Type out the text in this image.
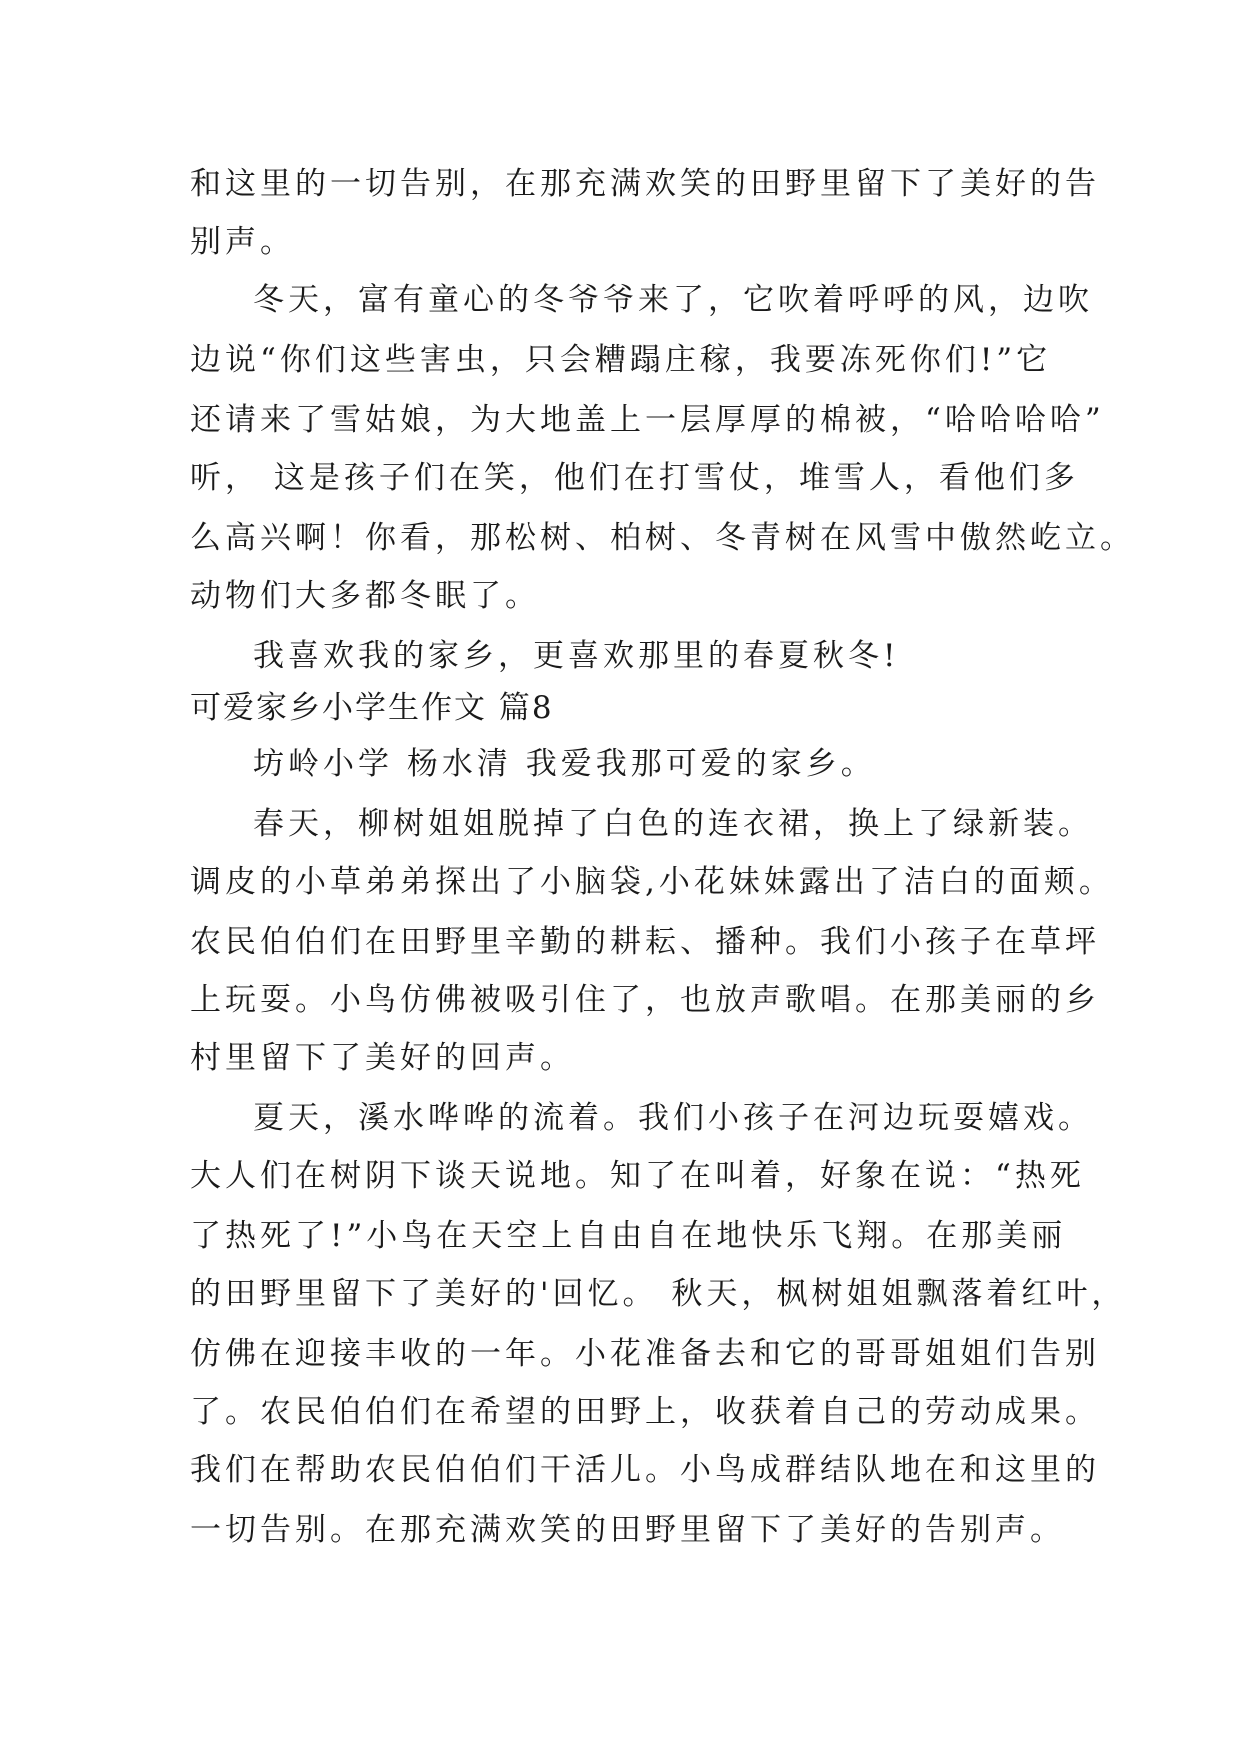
和这里的一切告别，在那充满欢笑的田野里留下了美好的告
别声。
冬天，富有童心的冬爷爷来了，它吹着呼呼的风，边吹
边说“你们这些害虫，只会糟蹋庄稼，我要冻死你们!”它
还请来了雪姑娘，为大地盖上一层厚厚的棉被，“哈哈哈哈”
听， 这是孩子们在笑，他们在打雪仗，堆雪人，看他们多
么高兴啊！你看，那松树、柏树、冬青树在风雪中傲然屹立。
动物们大多都冬眠了。
我喜欢我的家乡，更喜欢那里的春夏秋冬!
可爱家乡小学生作文 篇8
坊岭小学 杨水清 我爱我那可爱的家乡。
春天，柳树姐姐脱掉了白色的连衣裙，换上了绿新装。
调皮的小草弟弟探出了小脑袋,小花妹妹露出了洁白的面颊。
农民伯伯们在田野里辛勤的耕耘、播种。我们小孩子在草坪
上玩耍。小鸟仿佛被吸引住了，也放声歌唱。在那美丽的乡
村里留下了美好的回声。
夏天，溪水哗哗的流着。我们小孩子在河边玩耍嬉戏。
大人们在树阴下谈天说地。知了在叫着，好象在说：“热死
了热死了!”小鸟在天空上自由自在地快乐飞翔。在那美丽
的田野里留下了美好的'回忆。 秋天，枫树姐姐飘落着红叶，
仿佛在迎接丰收的一年。小花准备去和它的哥哥姐姐们告别
了。农民伯伯们在希望的田野上，收获着自己的劳动成果。
我们在帮助农民伯伯们干活儿。小鸟成群结队地在和这里的
一切告别。在那充满欢笑的田野里留下了美好的告别声。
